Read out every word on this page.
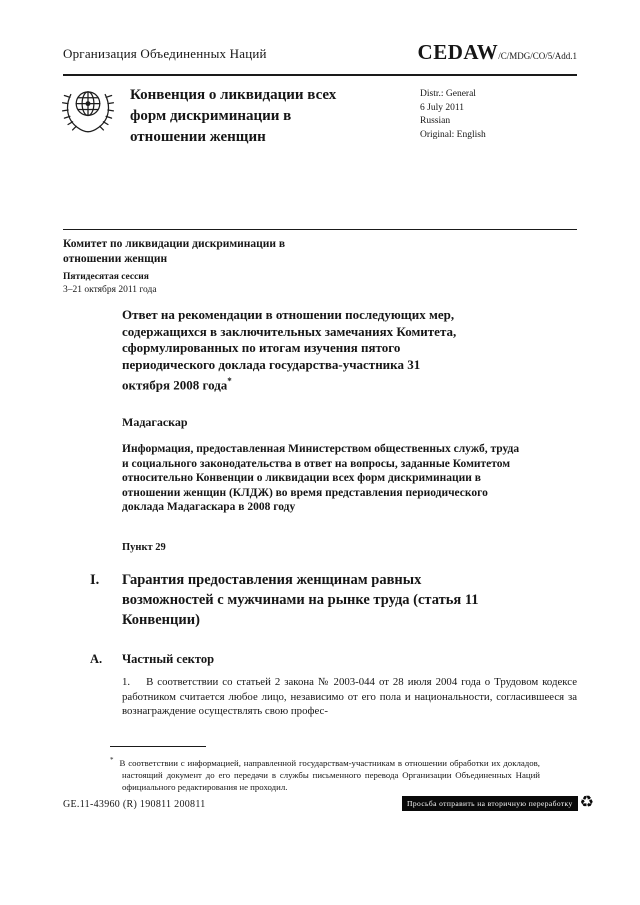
Организация Объединенных Наций	CEDAW/C/MDG/CO/5/Add.1
Конвенция о ликвидации всех форм дискриминации в отношении женщин
Distr.: General
6 July 2011
Russian
Original: English
Комитет по ликвидации дискриминации в отношении женщин
Пятидесятая сессия
3–21 октября 2011 года
Ответ на рекомендации в отношении последующих мер, содержащихся в заключительных замечаниях Комитета, сформулированных по итогам изучения пятого периодического доклада государства-участника 31 октября 2008 года*
Мадагаскар
Информация, предоставленная Министерством общественных служб, труда и социального законодательства в ответ на вопросы, заданные Комитетом относительно Конвенции о ликвидации всех форм дискриминации в отношении женщин (КЛДЖ) во время представления периодического доклада Мадагаскара в 2008 году
Пункт 29
I. Гарантия предоставления женщинам равных возможностей с мужчинами на рынке труда (статья 11 Конвенции)
A. Частный сектор

1. В соответствии со статьей 2 закона № 2003-044 от 28 июля 2004 года о Трудовом кодексе работником считается любое лицо, независимо от его пола и национальности, согласившееся за вознаграждение осуществлять свою профес-

* В соответствии с информацией, направленной государствам-участникам в отношении обработки их докладов, настоящий документ до его передачи в службы письменного перевода Организации Объединенных Наций официального редактирования не проходил.
GE.11-43960 (R) 190811 200811	Просьба отправить на вторичную переработку ♻
